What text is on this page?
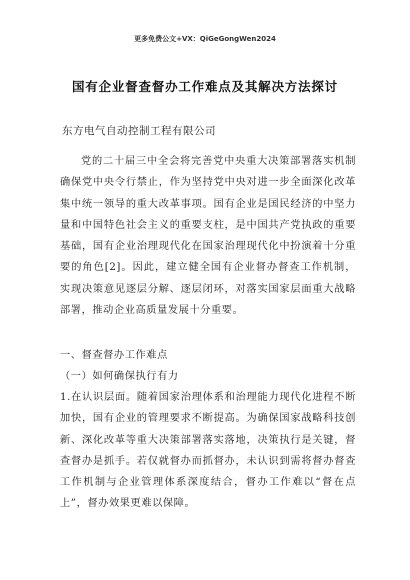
更多免费公文+VX：QiGeGongWen2024
国有企业督查督办工作难点及其解决方法探讨
东方电气自动控制工程有限公司
党的二十届三中全会将完善党中央重大决策部署落实机制确保党中央令行禁止，作为坚持党中央对进一步全面深化改革集中统一领导的重大改革事项。国有企业是国民经济的中坚力量和中国特色社会主义的重要支柱，是中国共产党执政的重要基础，国有企业治理现代化在国家治理现代化中扮演着十分重要的角色[2]。因此，建立健全国有企业督办督查工作机制，实现决策意见逐层分解、逐层闭环，对落实国家层面重大战略部署，推动企业高质量发展十分重要。
一、督查督办工作难点
（一）如何确保执行有力
1.在认识层面。随着国家治理体系和治理能力现代化进程不断加快，国有企业的管理要求不断提高。为确保国家战略科技创新、深化改革等重大决策部署落实落地，决策执行是关键，督查督办是抓手。若仅就督办而抓督办，未认识到需将督办督查工作机制与企业管理体系深度结合，督办工作难以“督在点上”，督办效果更难以保障。
